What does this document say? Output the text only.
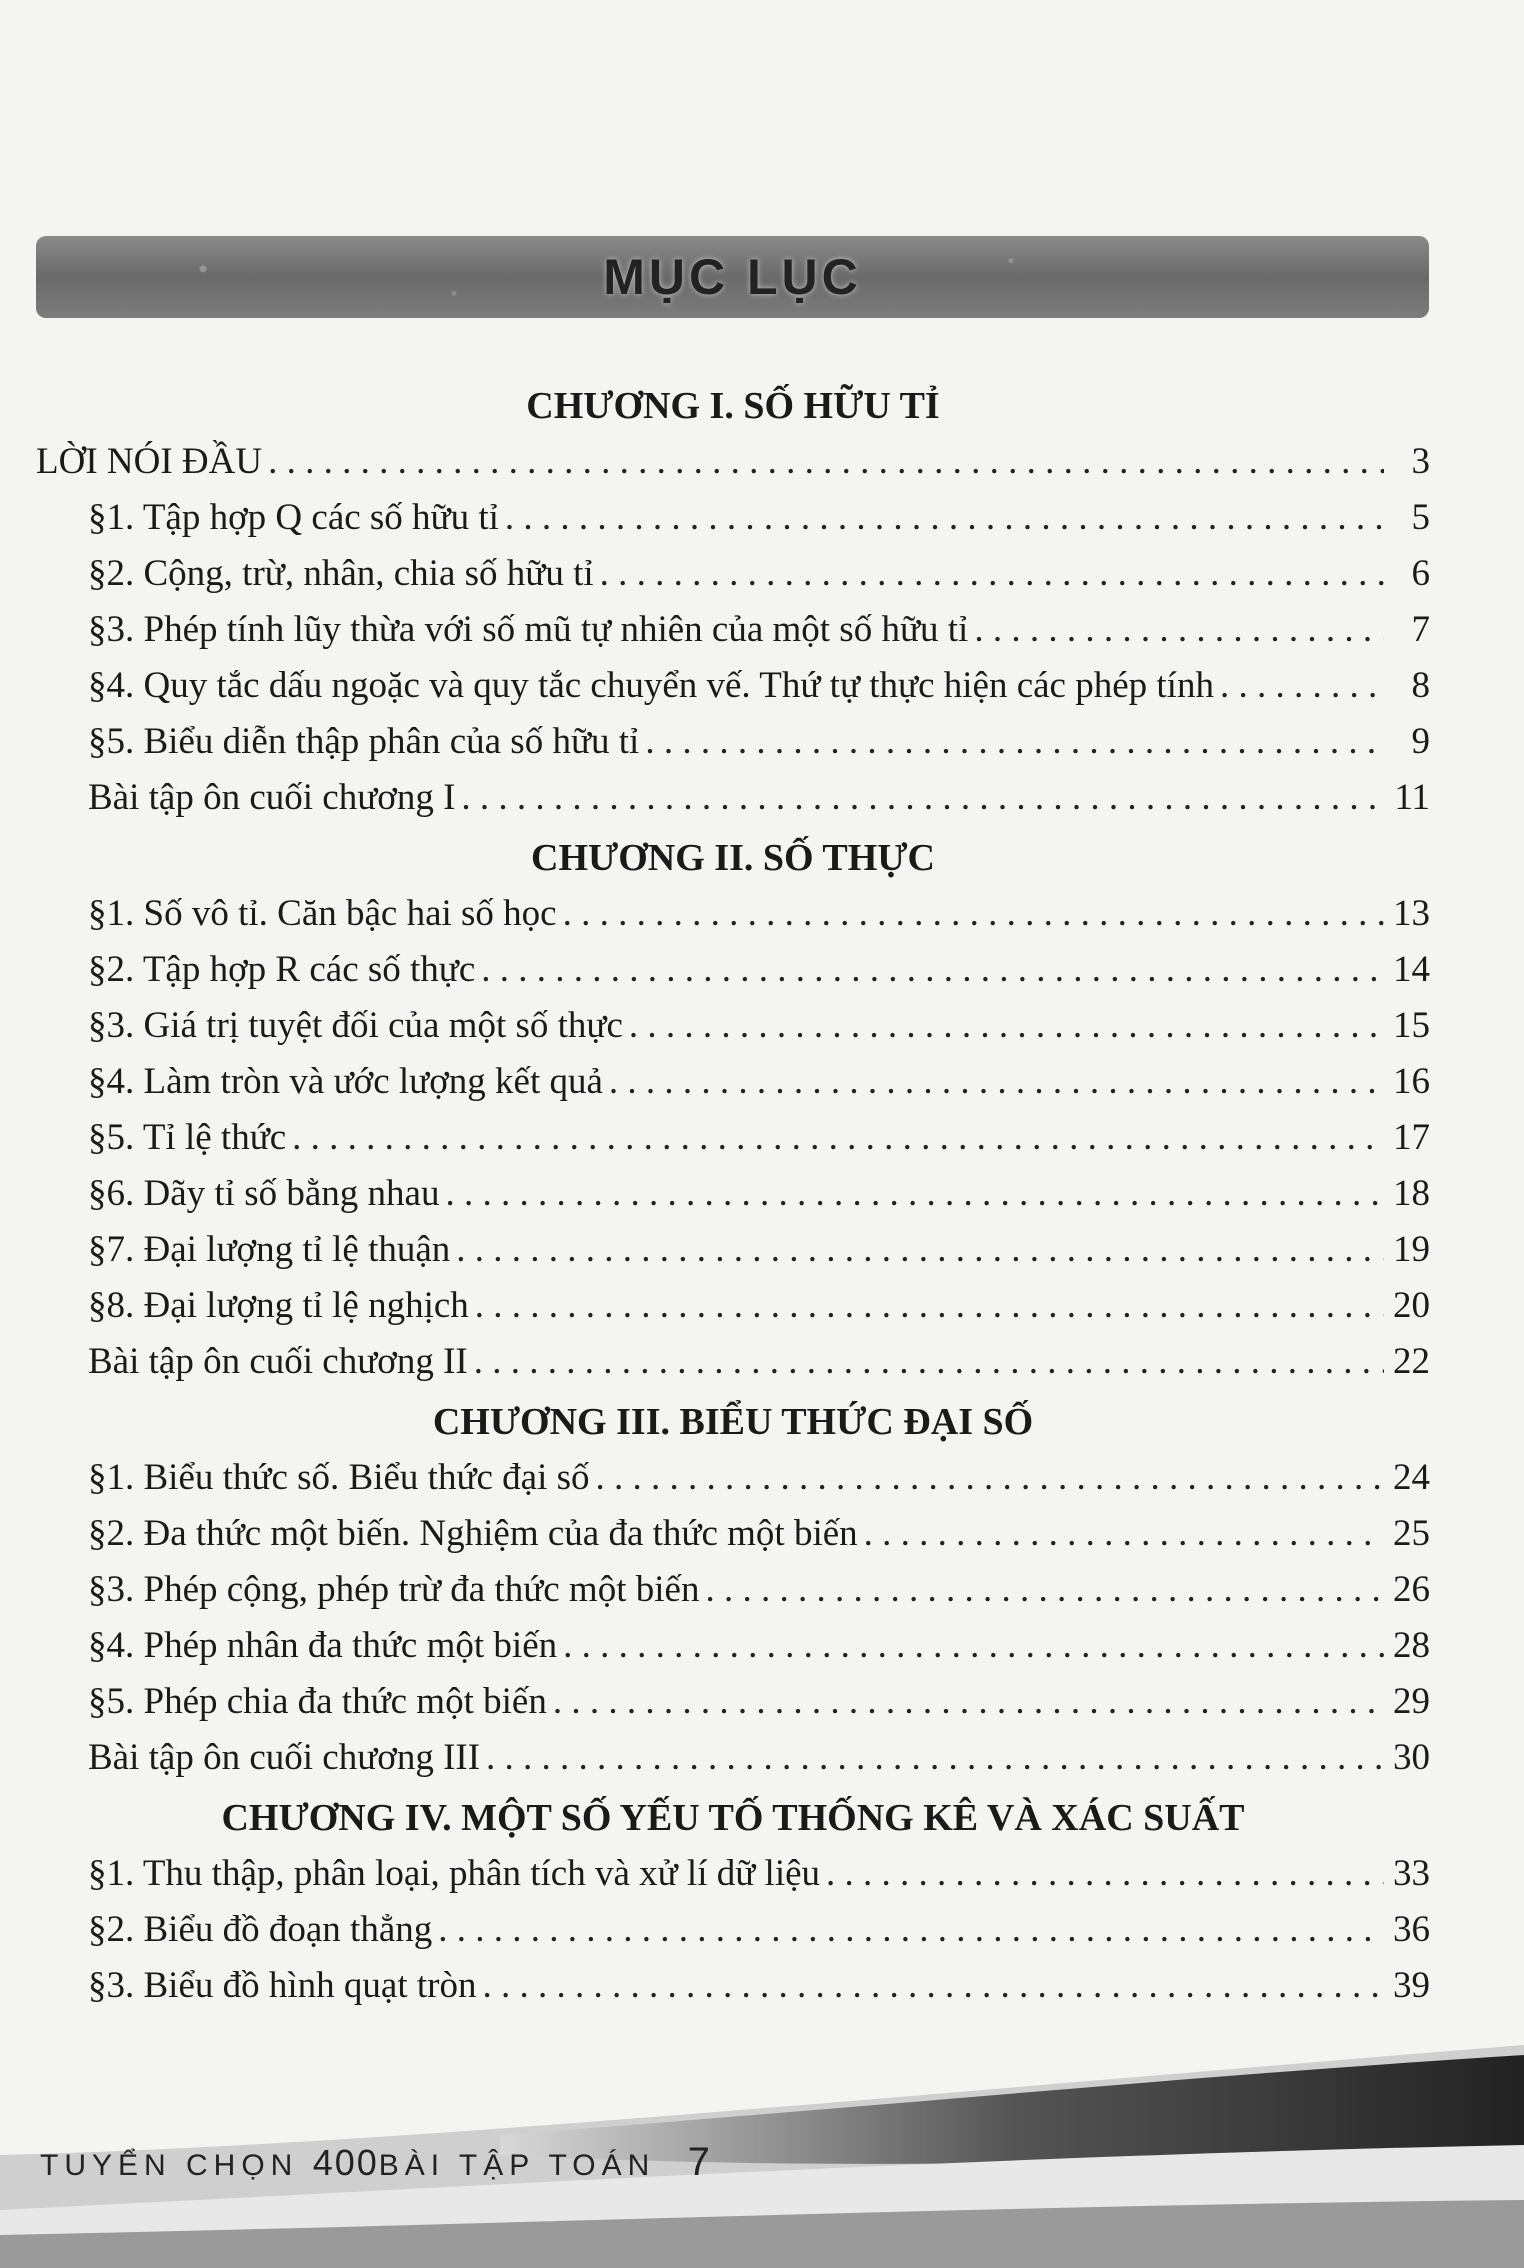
MỤC LỤC
CHƯƠNG I. SỐ HỮU TỈ
LỜI NÓI ĐẦU . . .	3
§1. Tập hợp Q các số hữu tỉ . . .	5
§2. Cộng, trừ, nhân, chia số hữu tỉ . . .	6
§3. Phép tính lũy thừa với số mũ tự nhiên của một số hữu tỉ . . .	7
§4. Quy tắc dấu ngoặc và quy tắc chuyển vế. Thứ tự thực hiện các phép tính . . .	8
§5. Biểu diễn thập phân của số hữu tỉ . . .	9
Bài tập ôn cuối chương I . . .	11
CHƯƠNG II. SỐ THỰC
§1. Số vô tỉ. Căn bậc hai số học . . .	13
§2. Tập hợp R các số thực . . .	14
§3. Giá trị tuyệt đối của một số thực . . .	15
§4. Làm tròn và ước lượng kết quả . . .	16
§5. Tỉ lệ thức . . .	17
§6. Dãy tỉ số bằng nhau . . .	18
§7. Đại lượng tỉ lệ thuận . . .	19
§8. Đại lượng tỉ lệ nghịch . . .	20
Bài tập ôn cuối chương II . . .	22
CHƯƠNG III. BIỂU THỨC ĐẠI SỐ
§1. Biểu thức số. Biểu thức đại số . . .	24
§2. Đa thức một biến. Nghiệm của đa thức một biến . . .	25
§3. Phép cộng, phép trừ đa thức một biến . . .	26
§4. Phép nhân đa thức một biến . . .	28
§5. Phép chia đa thức một biến . . .	29
Bài tập ôn cuối chương III . . .	30
CHƯƠNG IV. MỘT SỐ YẾU TỐ THỐNG KÊ VÀ XÁC SUẤT
§1. Thu thập, phân loại, phân tích và xử lí dữ liệu . . .	33
§2. Biểu đồ đoạn thẳng . . .	36
§3. Biểu đồ hình quạt tròn . . .	39
TUYỂN CHỌN 400BÀI TẬP TOÁN 7
